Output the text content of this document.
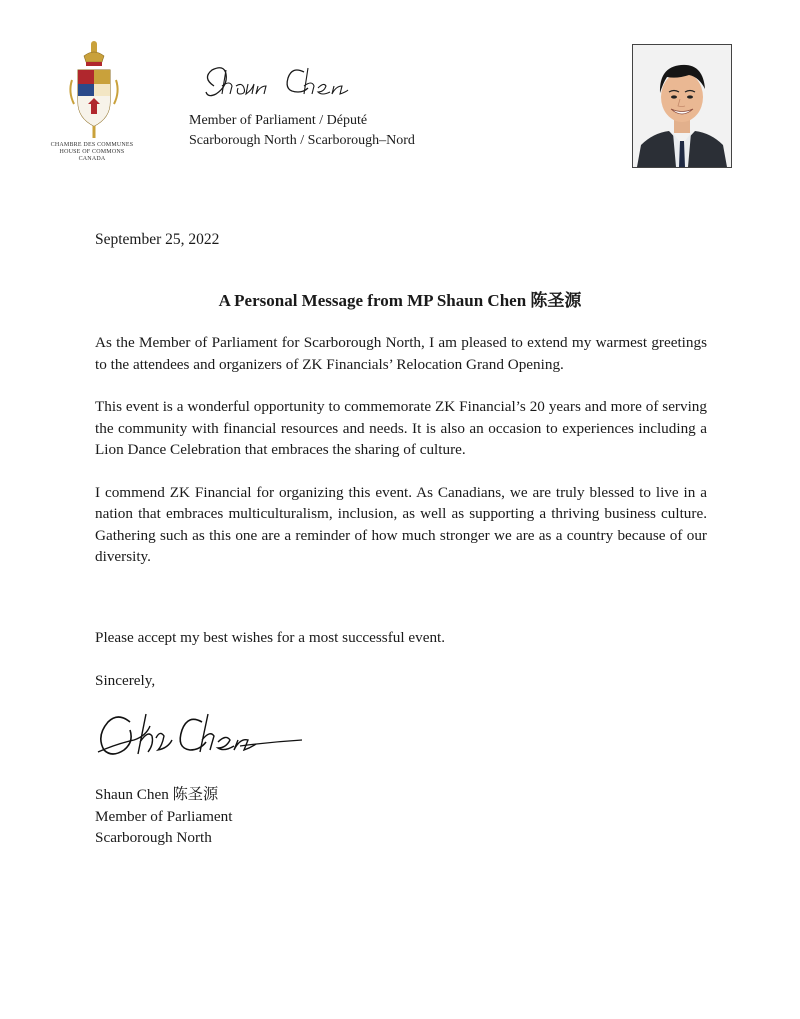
CHAMBRE DES COMMUNES
HOUSE OF COMMONS
CANADA
Member of Parliament / Député
Scarborough North / Scarborough–Nord
September 25, 2022
A Personal Message from MP Shaun Chen 陈圣源

As the Member of Parliament for Scarborough North, I am pleased to extend my warmest greetings to the attendees and organizers of ZK Financials’ Relocation Grand Opening.

This event is a wonderful opportunity to commemorate ZK Financial’s 20 years and more of serving the community with financial resources and needs. It is also an occasion to experiences including a Lion Dance Celebration that embraces the sharing of culture.

I commend ZK Financial for organizing this event. As Canadians, we are truly blessed to live in a nation that embraces multiculturalism, inclusion, as well as supporting a thriving business culture. Gathering such as this one are a reminder of how much stronger we are as a country because of our diversity.

Please accept my best wishes for a most successful event.
Sincerely,
Shaun Chen 陈圣源
Member of Parliament
Scarborough North
